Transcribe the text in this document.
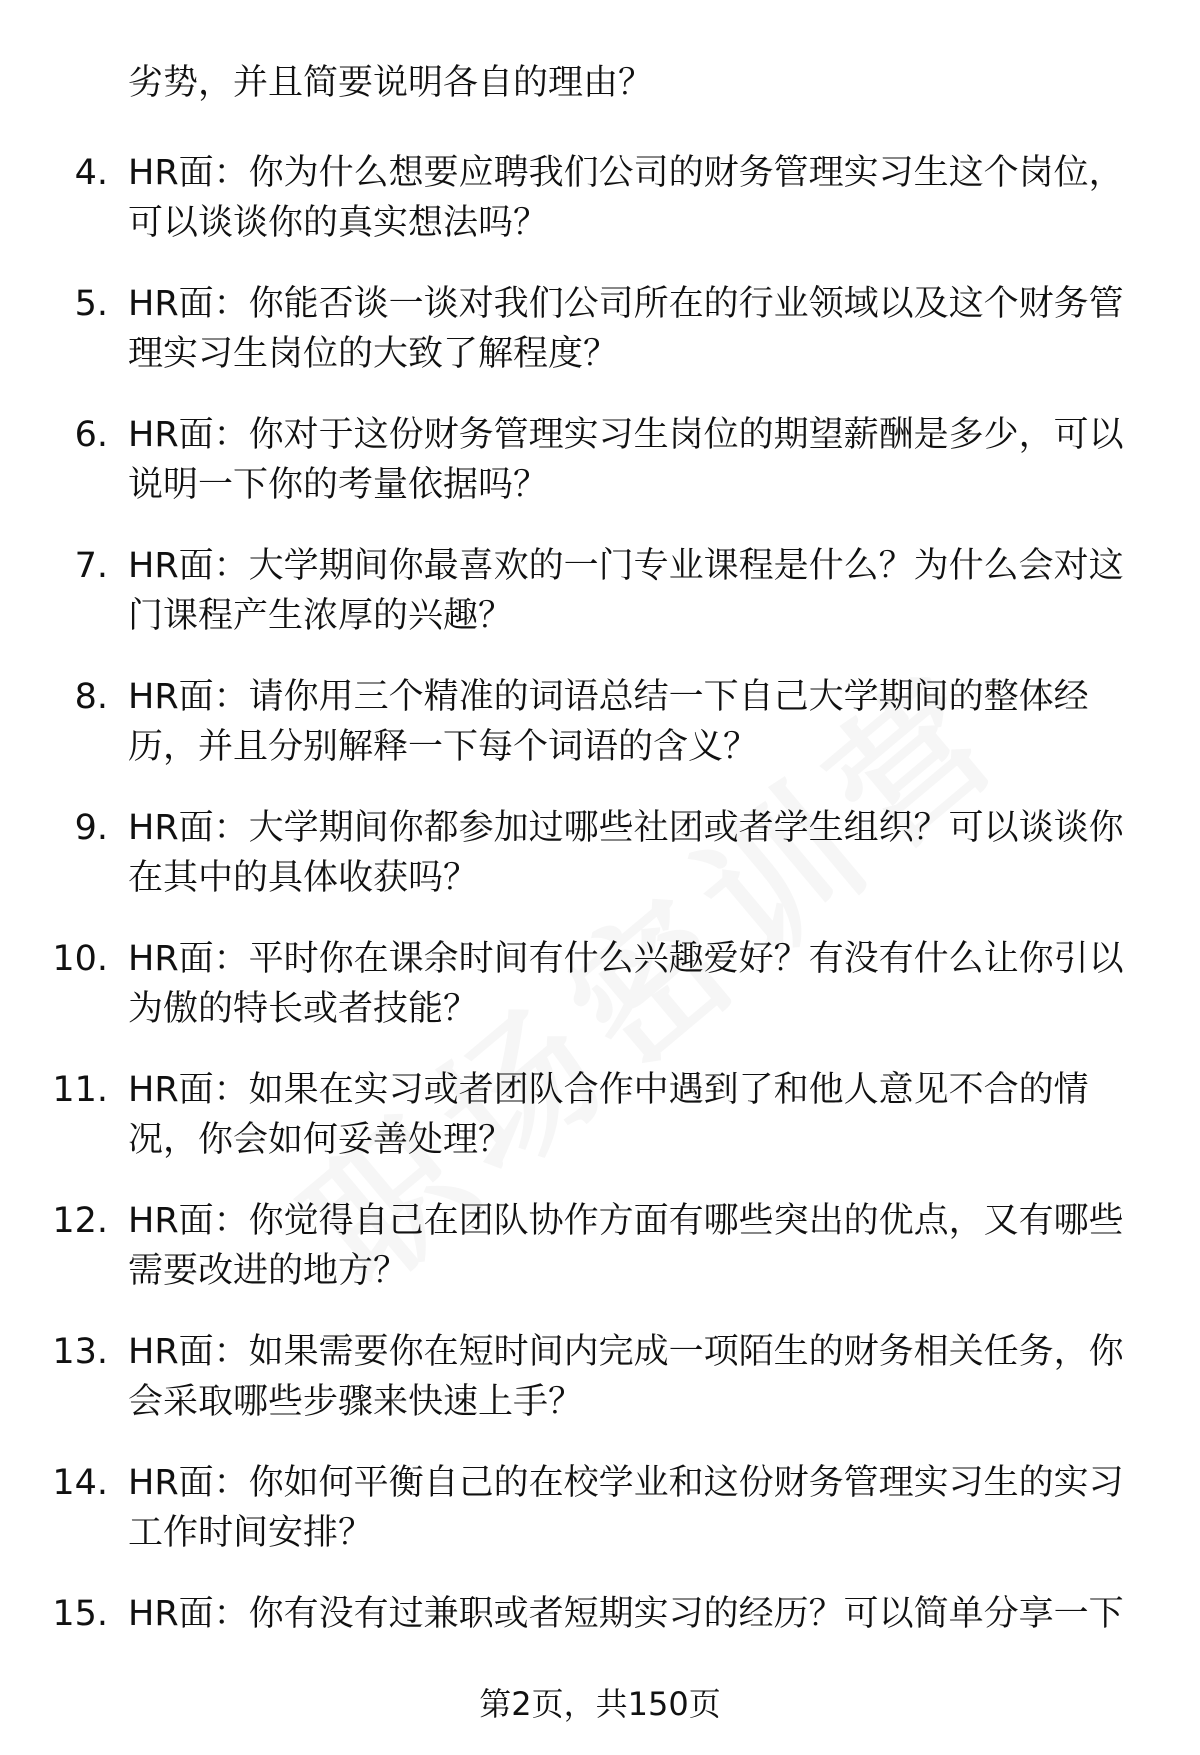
劣势，并且简要说明各自的理由？

4. HR面：你为什么想要应聘我们公司的财务管理实习生这个岗位，可以谈谈你的真实想法吗？

5. HR面：你能否谈一谈对我们公司所在的行业领域以及这个财务管理实习生岗位的大致了解程度？

6. HR面：你对于这份财务管理实习生岗位的期望薪酬是多少，可以说明一下你的考量依据吗？

7. HR面：大学期间你最喜欢的一门专业课程是什么？为什么会对这门课程产生浓厚的兴趣？

8. HR面：请你用三个精准的词语总结一下自己大学期间的整体经历，并且分别解释一下每个词语的含义？

9. HR面：大学期间你都参加过哪些社团或者学生组织？可以谈谈你在其中的具体收获吗？

10. HR面：平时你在课余时间有什么兴趣爱好？有没有什么让你引以为傲的特长或者技能？

11. HR面：如果在实习或者团队合作中遇到了和他人意见不合的情况，你会如何妥善处理？

12. HR面：你觉得自己在团队协作方面有哪些突出的优点，又有哪些需要改进的地方？

13. HR面：如果需要你在短时间内完成一项陌生的财务相关任务，你会采取哪些步骤来快速上手？

14. HR面：你如何平衡自己的在校学业和这份财务管理实习生的实习工作时间安排？

15. HR面：你有没有过兼职或者短期实习的经历？可以简单分享一下

第2页，共150页
